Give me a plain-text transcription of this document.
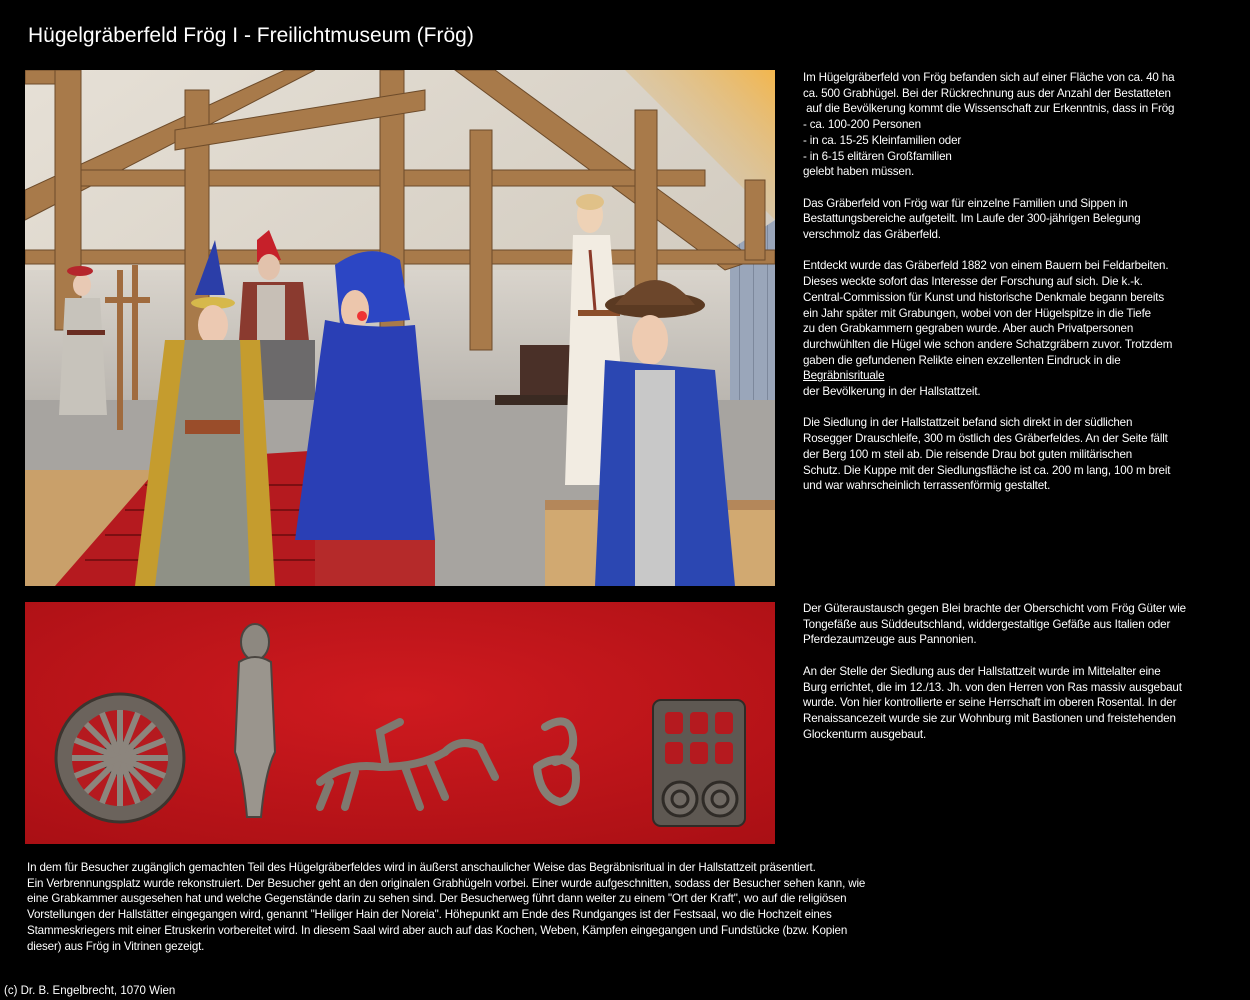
Hügelgräberfeld Frög I - Freilichtmuseum (Frög)
Im Hügelgräberfeld von Frög befanden sich auf einer Fläche von ca. 40 ha
ca. 500 Grabhügel. Bei der Rückrechnung aus der Anzahl der Bestatteten
auf die Bevölkerung kommt die Wissenschaft zur Erkenntnis, dass in Frög
- ca. 100-200 Personen
- in ca. 15-25 Kleinfamilien oder
- in 6-15 elitären Großfamilien
gelebt haben müssen.
Das Gräberfeld von Frög war für einzelne Familien und Sippen in
Bestattungsbereiche aufgeteilt. Im Laufe der 300-jährigen Belegung
verschmolz das Gräberfeld.
Entdeckt wurde das Gräberfeld 1882 von einem Bauern bei Feldarbeiten.
Dieses weckte sofort das Interesse der Forschung auf sich. Die k.-k.
Central-Commission für Kunst und historische Denkmale begann bereits
ein Jahr später mit Grabungen, wobei von der Hügelspitze in die Tiefe
zu den Grabkammern gegraben wurde. Aber auch Privatpersonen
durchwühlten die Hügel wie schon andere Schatzgräbern zuvor. Trotzdem
gaben die gefundenen Relikte einen exzellenten Eindruck in die
Begräbnisrituale
der Bevölkerung in der Hallstattzeit.
Die Siedlung in der Hallstattzeit befand sich direkt in der südlichen
Rosegger Drauschleife, 300 m östlich des Gräberfeldes. An der Seite fällt
der Berg 100 m steil ab. Die reisende Drau bot guten militärischen
Schutz. Die Kuppe mit der Siedlungsfläche ist ca. 200 m lang, 100 m breit
und war wahrscheinlich terrassenförmig gestaltet.
Der Güteraustausch gegen Blei brachte der Oberschicht vom Frög Güter wie
Tongefäße aus Süddeutschland, widdergestaltige Gefäße aus Italien oder
Pferdezaumzeuge aus Pannonien.
An der Stelle der Siedlung aus der Hallstattzeit wurde im Mittelalter eine
Burg errichtet, die im 12./13. Jh. von den Herren von Ras massiv ausgebaut
wurde. Von hier kontrollierte er seine Herrschaft im oberen Rosental. In der
Renaissancezeit wurde sie zur Wohnburg mit Bastionen und freistehenden
Glockenturm ausgebaut.
In dem für Besucher zugänglich gemachten Teil des Hügelgräberfeldes wird in äußerst anschaulicher Weise das Begräbnisritual in der Hallstattzeit präsentiert.
Ein Verbrennungsplatz wurde rekonstruiert. Der Besucher geht an den originalen Grabhügeln vorbei. Einer wurde aufgeschnitten, sodass der Besucher sehen kann, wie
eine Grabkammer ausgesehen hat und welche Gegenstände darin zu sehen sind. Der Besucherweg führt dann weiter zu einem "Ort der Kraft", wo auf die religiösen
Vorstellungen der Hallstätter eingegangen wird, genannt "Heiliger Hain der Noreia". Höhepunkt am Ende des Rundganges ist der Festsaal, wo die Hochzeit eines
Stammeskriegers mit einer Etruskerin vorbereitet wird. In diesem Saal wird aber auch auf das Kochen, Weben, Kämpfen eingegangen und Fundstücke (bzw. Kopien
dieser) aus Frög in Vitrinen gezeigt.
(c) Dr. B. Engelbrecht, 1070 Wien
